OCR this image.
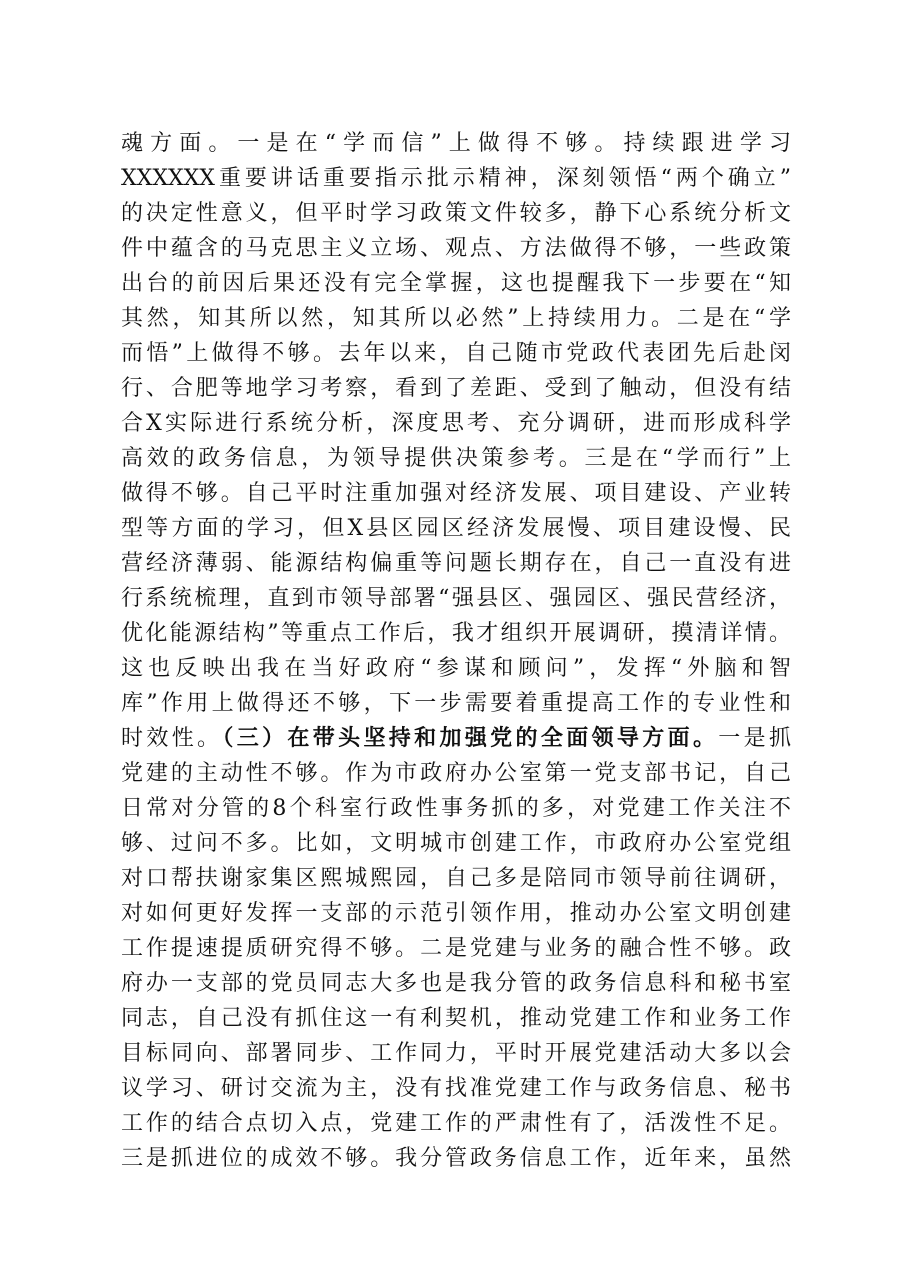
魂方面。一是在“学而信”上做得不够。持续跟进学习
XXXXXX重要讲话重要指示批示精神，深刻领悟“两个确立”
的决定性意义，但平时学习政策文件较多，静下心系统分析文
件中蕴含的马克思主义立场、观点、方法做得不够，一些政策
出台的前因后果还没有完全掌握，这也提醒我下一步要在“知
其然，知其所以然，知其所以必然”上持续用力。二是在“学
而悟”上做得不够。去年以来，自己随市党政代表团先后赴闵
行、合肥等地学习考察，看到了差距、受到了触动，但没有结
合X实际进行系统分析，深度思考、充分调研，进而形成科学
高效的政务信息，为领导提供决策参考。三是在“学而行”上
做得不够。自己平时注重加强对经济发展、项目建设、产业转
型等方面的学习，但X县区园区经济发展慢、项目建设慢、民
营经济薄弱、能源结构偏重等问题长期存在，自己一直没有进
行系统梳理，直到市领导部署“强县区、强园区、强民营经济，
优化能源结构”等重点工作后，我才组织开展调研，摸清详情。
这也反映出我在当好政府“参谋和顾问”，发挥“外脑和智
库”作用上做得还不够，下一步需要着重提高工作的专业性和
时效性。（三）在带头坚持和加强党的全面领导方面。一是抓
党建的主动性不够。作为市政府办公室第一党支部书记，自己
日常对分管的8个科室行政性事务抓的多，对党建工作关注不
够、过问不多。比如，文明城市创建工作，市政府办公室党组
对口帮扶谢家集区熙城熙园，自己多是陪同市领导前往调研，
对如何更好发挥一支部的示范引领作用，推动办公室文明创建
工作提速提质研究得不够。二是党建与业务的融合性不够。政
府办一支部的党员同志大多也是我分管的政务信息科和秘书室
同志，自己没有抓住这一有利契机，推动党建工作和业务工作
目标同向、部署同步、工作同力，平时开展党建活动大多以会
议学习、研讨交流为主，没有找准党建工作与政务信息、秘书
工作的结合点切入点，党建工作的严肃性有了，活泼性不足。
三是抓进位的成效不够。我分管政务信息工作，近年来，虽然
